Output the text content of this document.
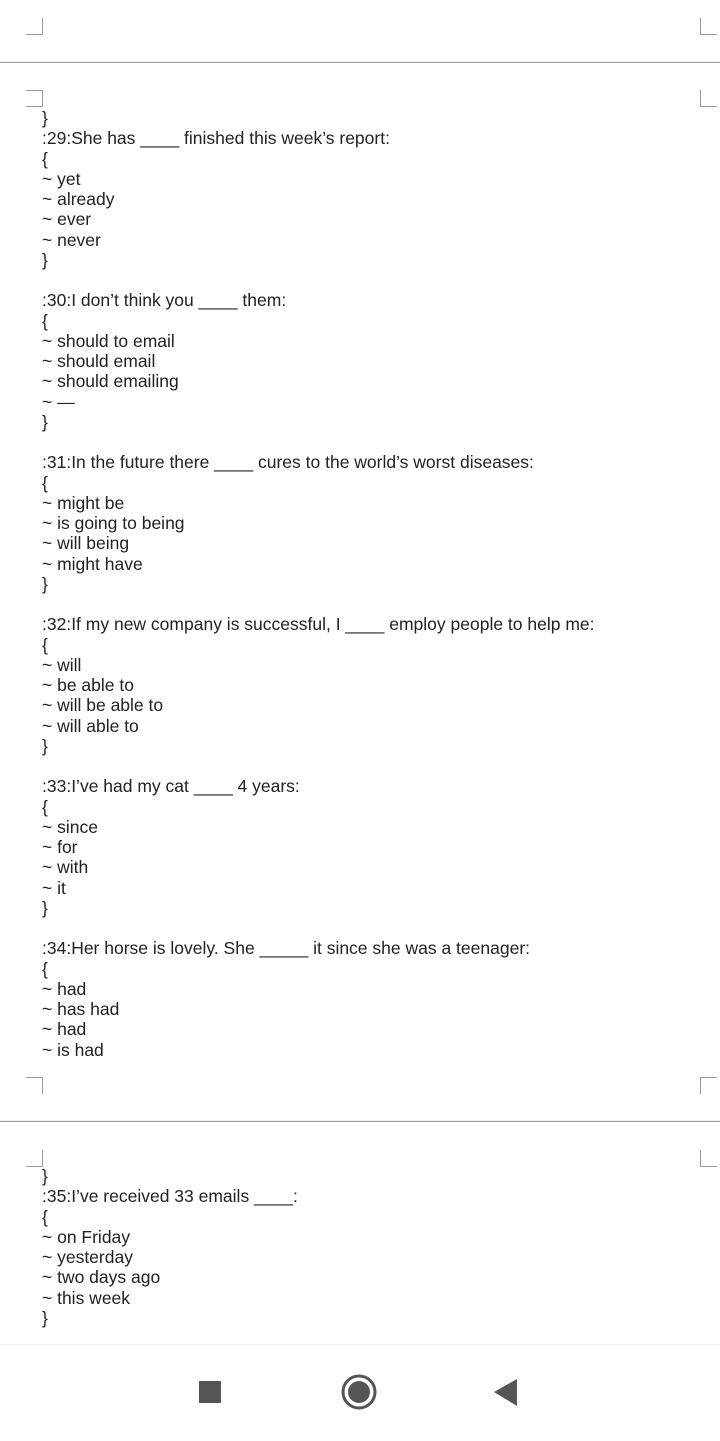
}
:29:She has ____ finished this week’s report:
{
~ yet
~ already
~ ever
~ never
}
:30:I don’t think you ____ them:
{
~ should to email
~ should email
~ should emailing
~ —
}
:31:In the future there ____ cures to the world’s worst diseases:
{
~ might be
~ is going to being
~ will being
~ might have
}
:32:If my new company is successful, I ____ employ people to help me:
{
~ will
~ be able to
~ will be able to
~ will able to
}
:33:I’ve had my cat ____ 4 years:
{
~ since
~ for
~ with
~ it
}
:34:Her horse is lovely. She _____ it since she was a teenager:
{
~ had
~ has had
~ had
~ is had
}
:35:I’ve received 33 emails ____:
{
~ on Friday
~ yesterday
~ two days ago
~ this week
}
